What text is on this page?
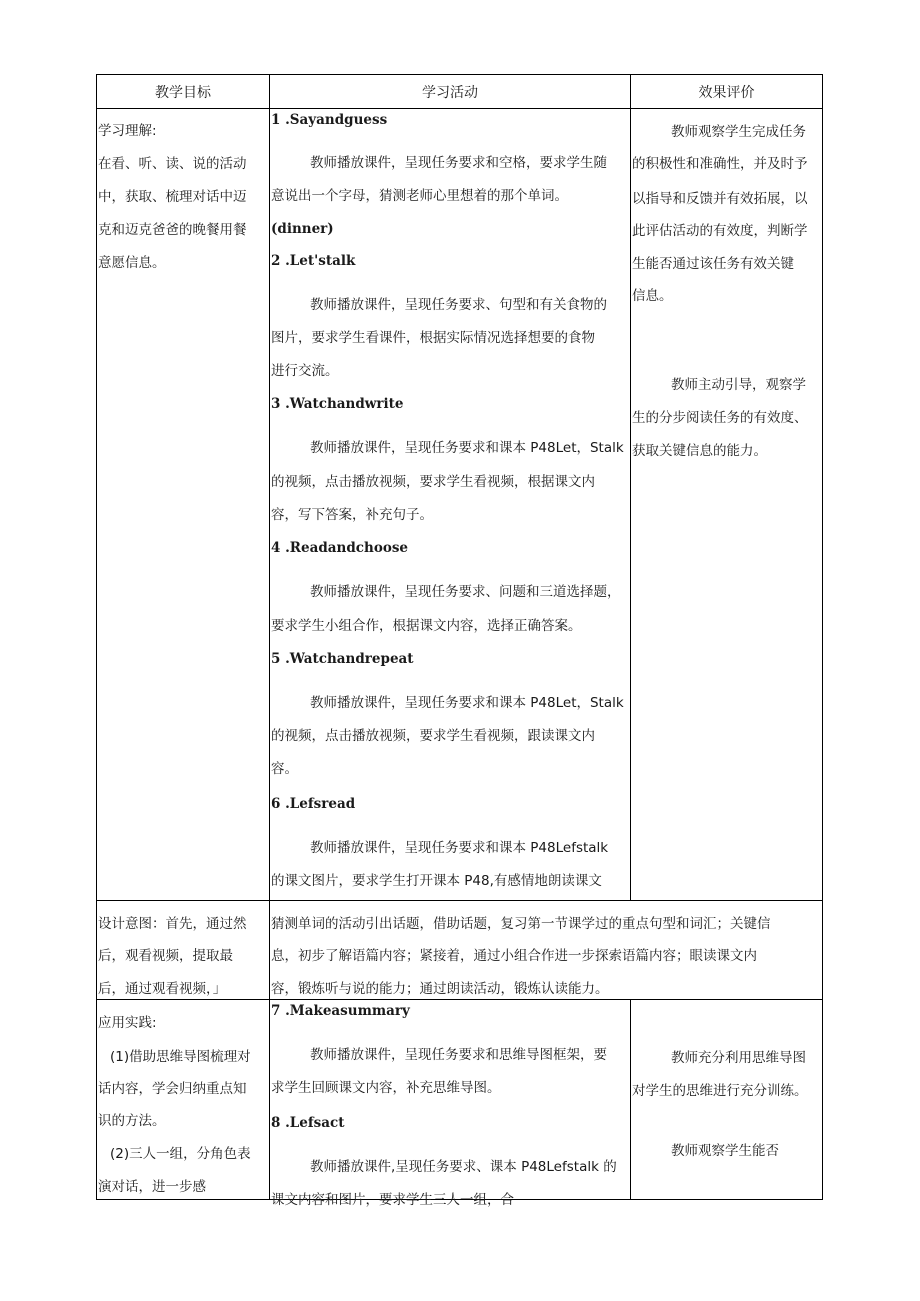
教学目标	学习活动	效果评价
学习理解:
在看、听、读、说的活动
中，获取、梳理对话中迈
克和迈克爸爸的晚餐用餐
意愿信息。
1 .Sayandguess
教师播放课件，呈现任务要求和空格，要求学生随
意说出一个字母，猜测老师心里想着的那个单词。
(dinner)
2 .Let'stalk
教师播放课件，呈现任务要求、句型和有关食物的
图片，要求学生看课件，根据实际情况选择想要的食物
进行交流。
3 .Watchandwrite
教师播放课件，呈现任务要求和课本 P48Let，Stalk
的视频，点击播放视频，要求学生看视频，根据课文内
容，写下答案，补充句子。
4 .Readandchoose
教师播放课件，呈现任务要求、问题和三道选择题，
要求学生小组合作，根据课文内容，选择正确答案。
5 .Watchandrepeat
教师播放课件，呈现任务要求和课本 P48Let，Stalk
的视频，点击播放视频，要求学生看视频，跟读课文内
容。
6 .Lefsread
教师播放课件，呈现任务要求和课本 P48Lefstalk
的课文图片，要求学生打开课本 P48,有感情地朗读课文
教师观察学生完成任务
的积极性和准确性，并及时予
以指导和反馈并有效拓展，以
此评估活动的有效度，判断学
生能否通过该任务有效关键
信息。
教师主动引导，观察学
生的分步阅读任务的有效度、
获取关键信息的能力。
设计意图：首先，通过然
后，观看视频，提取最
后，通过观看视频，」
猜测单词的活动引出话题，借助话题，复习第一节课学过的重点句型和词汇；关键信
息，初步了解语篇内容；紧接着，通过小组合作进一步探索语篇内容；眼读课文内
容，锻炼听与说的能力；通过朗读活动，锻炼认读能力。
应用实践:
(1)借助思维导图梳理对
话内容，学会归纳重点知
识的方法。
(2)三人一组，分角色表
演对话，进一步感
7 .Makeasummary
教师播放课件，呈现任务要求和思维导图框架，要
求学生回顾课文内容，补充思维导图。
8 .Lefsact
教师播放课件,呈现任务要求、课本 P48Lefstalk 的
课文内容和图片，要求学生三人一组，合
教师充分利用思维导图
对学生的思维进行充分训练。
教师观察学生能否
